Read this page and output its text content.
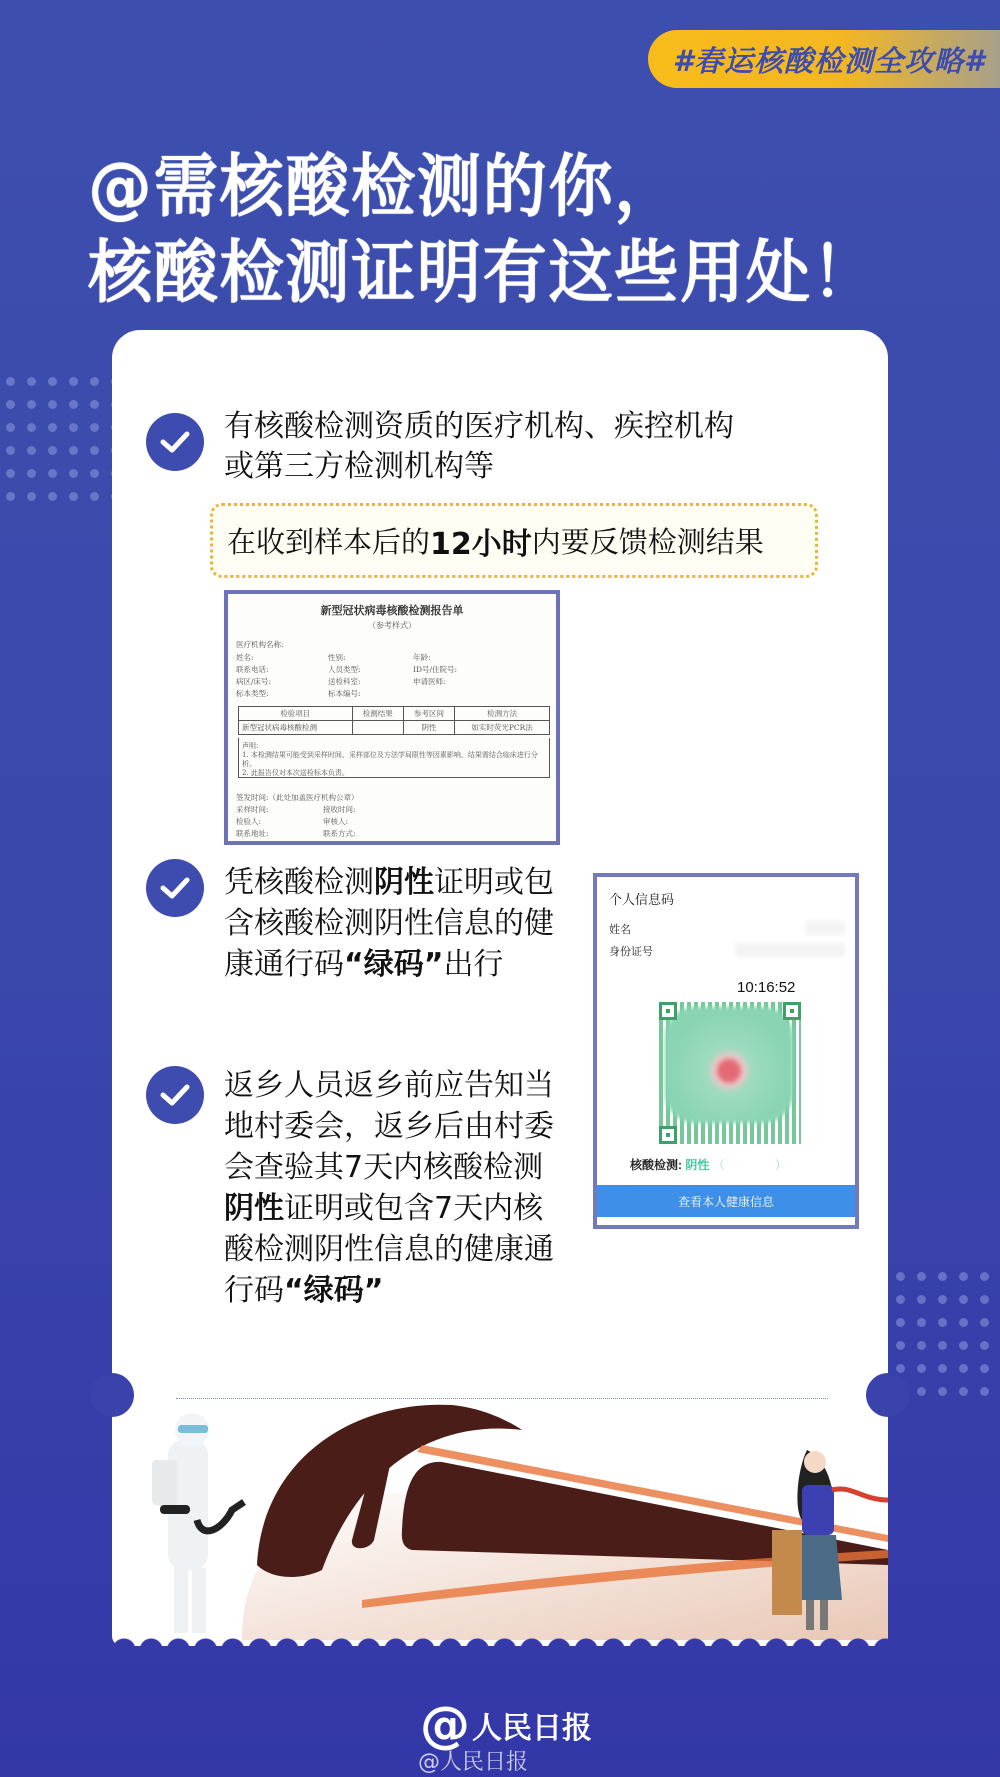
#春运核酸检测全攻略#
@需核酸检测的你，
核酸检测证明有这些用处！
有核酸检测资质的医疗机构、疾控机构
或第三方检测机构等
在收到样本后的 12小时 内要反馈检测结果
新型冠状病毒核酸检测报告单
（参考样式）
医疗机构名称:
姓名:	性别:	年龄:
联系电话:	人员类型:	ID号/住院号:
病区/床号:	送检科室:	申请医师:
标本类型:	标本编号:
检验项目	检测结果	参考区间	检测方法
新型冠状病毒核酸检测		阴性	如实时荧光PCR法
声明:
1. 本检测结果可能受到采样时间、采样部位及方法学局限性等因素影响，结果需结合临床进行分析。
2. 此报告仅对本次送检标本负责。
签发时间:（此处加盖医疗机构公章）
采样时间:	接收时间:
检验人:	审核人:
联系地址:	联系方式:
凭核酸检测阴性证明或包
含核酸检测阴性信息的健
康通行码“绿码”出行
个人信息码
姓名
身份证号
10:16:52
核酸检测: 阴性 （               ）
查看本人健康信息
返乡人员返乡前应告知当
地村委会，返乡后由村委
会查验其7天内核酸检测
阴性证明或包含7天内核
酸检测阴性信息的健康通
行码“绿码”
@ 人民日报
@人民日报
